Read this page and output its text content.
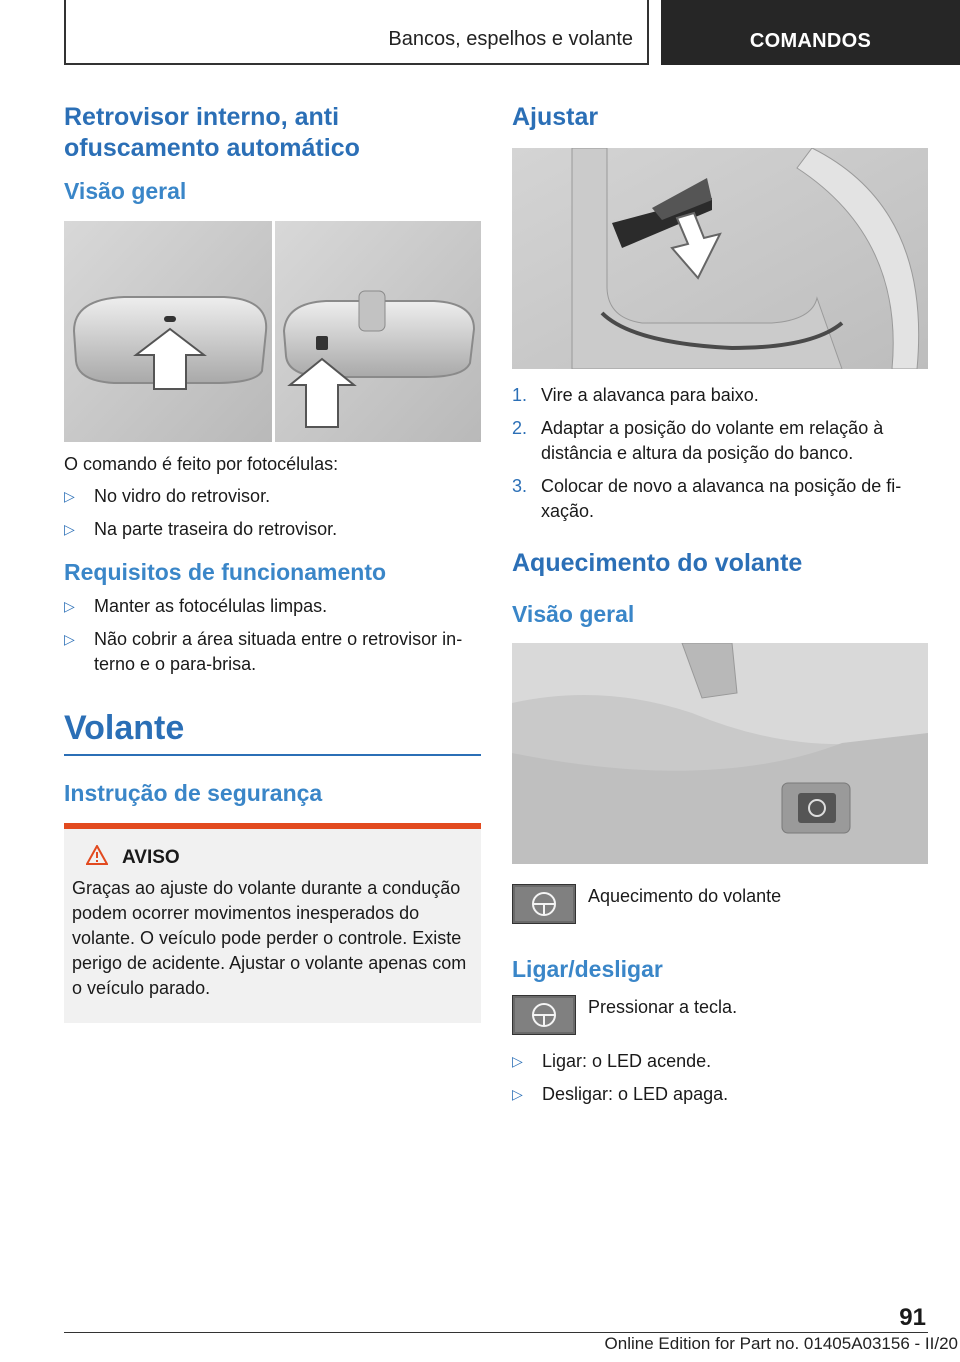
Bancos, espelhos e volante	COMANDOS
Retrovisor interno, anti ofuscamento automático
Visão geral

O comando é feito por fotocélulas:

▷ No vidro do retrovisor.
▷ Na parte traseira do retrovisor.
Requisitos de funcionamento
▷ Manter as fotocélulas limpas.
▷ Não cobrir a área situada entre o retrovisor interno e o para-brisa.
Volante
Instrução de segurança
AVISO

Graças ao ajuste do volante durante a condução podem ocorrer movimentos inesperados do volante. O veículo pode perder o controle. Existe perigo de acidente. Ajustar o volante apenas com o veículo parado.

Ajustar
1. Vire a alavanca para baixo.
2. Adaptar a posição do volante em relação à distância e altura da posição do banco.
3. Colocar de novo a alavanca na posição de fixação.
Aquecimento do volante
Visão geral

Aquecimento do volante

Ligar/desligar

Pressionar a tecla.

▷ Ligar: o LED acende.
▷ Desligar: o LED apaga.
91
Online Edition for Part no. 01405A03156 - II/20
